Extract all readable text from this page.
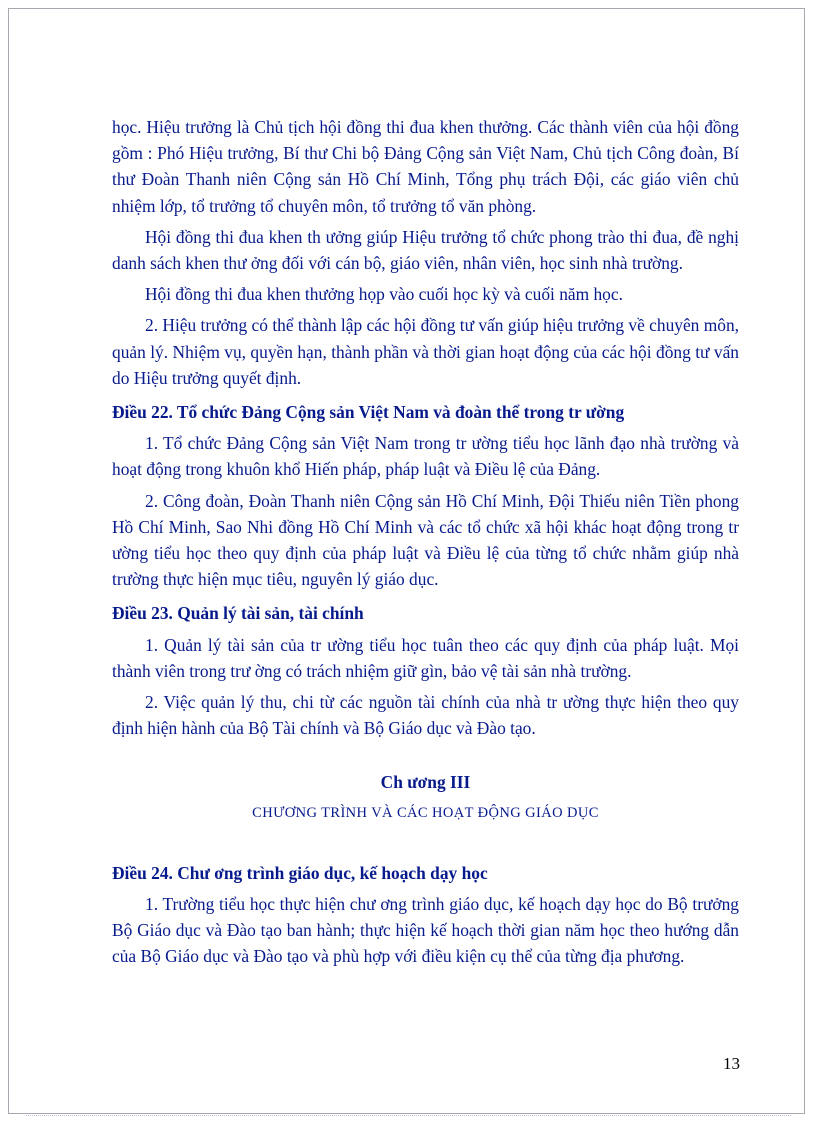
học. Hiệu trưởng là Chủ tịch hội đồng thi đua khen thưởng. Các thành viên của hội đồng gồm : Phó Hiệu trưởng, Bí thư Chi bộ Đảng Cộng sản Việt Nam, Chủ tịch Công đoàn, Bí thư Đoàn Thanh niên Cộng sản Hồ Chí Minh, Tổng phụ trách Đội, các giáo viên chủ nhiệm lớp, tổ trưởng tổ chuyên môn, tổ trưởng tổ văn phòng.

Hội đồng thi đua khen th ưởng giúp Hiệu trưởng tổ chức phong trào thi đua, đề nghị danh sách khen thư ởng đối với cán bộ, giáo viên, nhân viên, học sinh nhà trường.

Hội đồng thi đua khen thưởng họp vào cuối học kỳ và cuối năm học.

2. Hiệu trưởng có thể thành lập các hội đồng tư vấn giúp hiệu trưởng về chuyên môn, quản lý. Nhiệm vụ, quyền hạn, thành phần và thời gian hoạt động của các hội đồng tư vấn do Hiệu trưởng quyết định.

Điều 22. Tổ chức Đảng Cộng sản Việt Nam và đoàn thể trong tr ường

1. Tổ chức Đảng Cộng sản Việt Nam trong tr ường tiểu học lãnh đạo nhà trường và hoạt động trong khuôn khổ Hiến pháp, pháp luật và Điều lệ của Đảng.

2. Công đoàn, Đoàn Thanh niên Cộng sản Hồ Chí Minh, Đội Thiếu niên Tiền phong Hồ Chí Minh, Sao Nhi đồng Hồ Chí Minh và các tổ chức xã hội khác hoạt động trong tr ường tiểu học theo quy định của pháp luật và Điều lệ của từng tổ chức nhằm giúp nhà trường thực hiện mục tiêu, nguyên lý giáo dục.

Điều 23. Quản lý tài sản, tài chính

1. Quản lý tài sản của tr ường tiểu học tuân theo các quy định của pháp luật. Mọi thành viên trong trư ờng có trách nhiệm giữ gìn, bảo vệ tài sản nhà trường.

2. Việc quản lý thu, chi từ các nguồn tài chính của nhà tr ường thực hiện theo quy định hiện hành của Bộ Tài chính và Bộ Giáo dục và Đào tạo.

Ch ương III

CHƯƠNG TRÌNH VÀ CÁC HOẠT ĐỘNG GIÁO DỤC

Điều 24. Chư ơng trình giáo dục, kế hoạch dạy học

1. Trường tiểu học thực hiện chư ơng trình giáo dục, kế hoạch dạy học do Bộ trưởng Bộ Giáo dục và Đào tạo ban hành; thực hiện kế hoạch thời gian năm học theo hướng dẫn của Bộ Giáo dục và Đào tạo và phù hợp với điều kiện cụ thể của từng địa phương.

13
